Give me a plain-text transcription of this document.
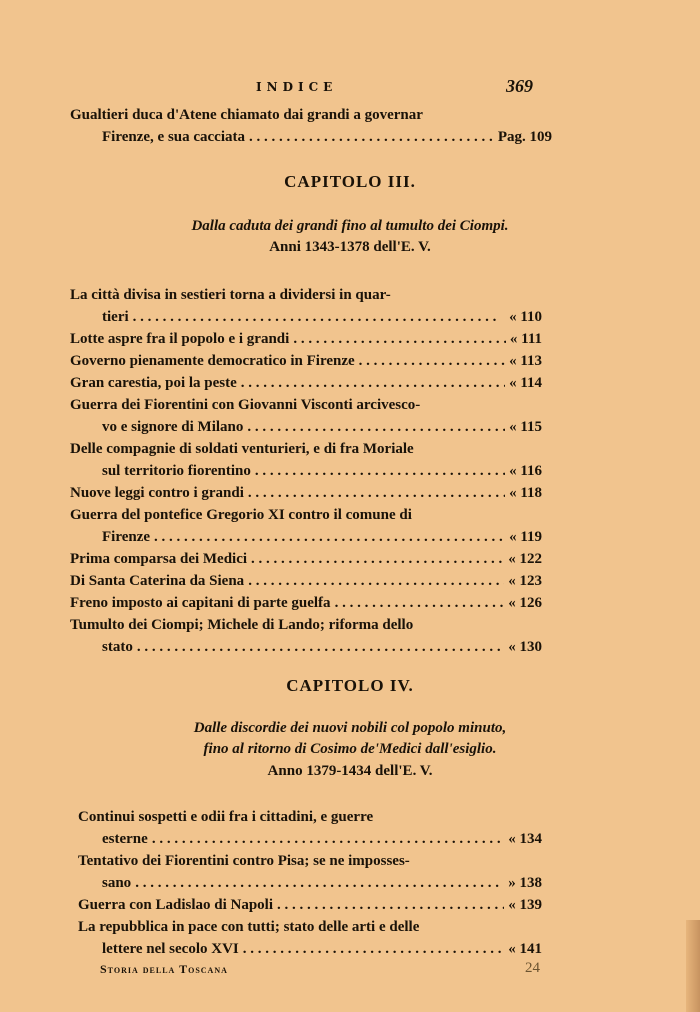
INDICE	369
Gualtieri duca d'Atene chiamato dai grandi a governar
Firenze, e sua cacciata . . .	Pag. 109
CAPITOLO III.
Dalla caduta dei grandi fino al tumulto dei Ciompi.
Anni 1343-1378 dell'E. V.
La città divisa in sestieri torna a dividersi in quar-
tieri . . .	« 110
Lotte aspre fra il popolo e i grandi . . .	« 111
Governo pienamente democratico in Firenze . . .	« 113
Gran carestia, poi la peste . . .	« 114
Guerra dei Fiorentini con Giovanni Visconti arcivesco-
vo e signore di Milano . . .	« 115
Delle compagnie di soldati venturieri, e di fra Moriale
sul territorio fiorentino . . .	« 116
Nuove leggi contro i grandi . . .	« 118
Guerra del pontefice Gregorio XI contro il comune di
Firenze . . .	« 119
Prima comparsa dei Medici . . .	« 122
Di Santa Caterina da Siena . . .	« 123
Freno imposto ai capitani di parte guelfa . . .	« 126
Tumulto dei Ciompi; Michele di Lando; riforma dello
stato . . .	« 130
CAPITOLO IV.
Dalle discordie dei nuovi nobili col popolo minuto,
fino al ritorno di Cosimo de'Medici dall'esiglio.
Anno 1379-1434 dell'E. V.
Continui sospetti e odii fra i cittadini, e guerre
esterne . . .	« 134
Tentativo dei Fiorentini contro Pisa; se ne imposses-
sano . . .	» 138
Guerra con Ladislao di Napoli . . .	« 139
La repubblica in pace con tutti; stato delle arti e delle
lettere nel secolo XVI . . .	« 141
Storia della Toscana	24
